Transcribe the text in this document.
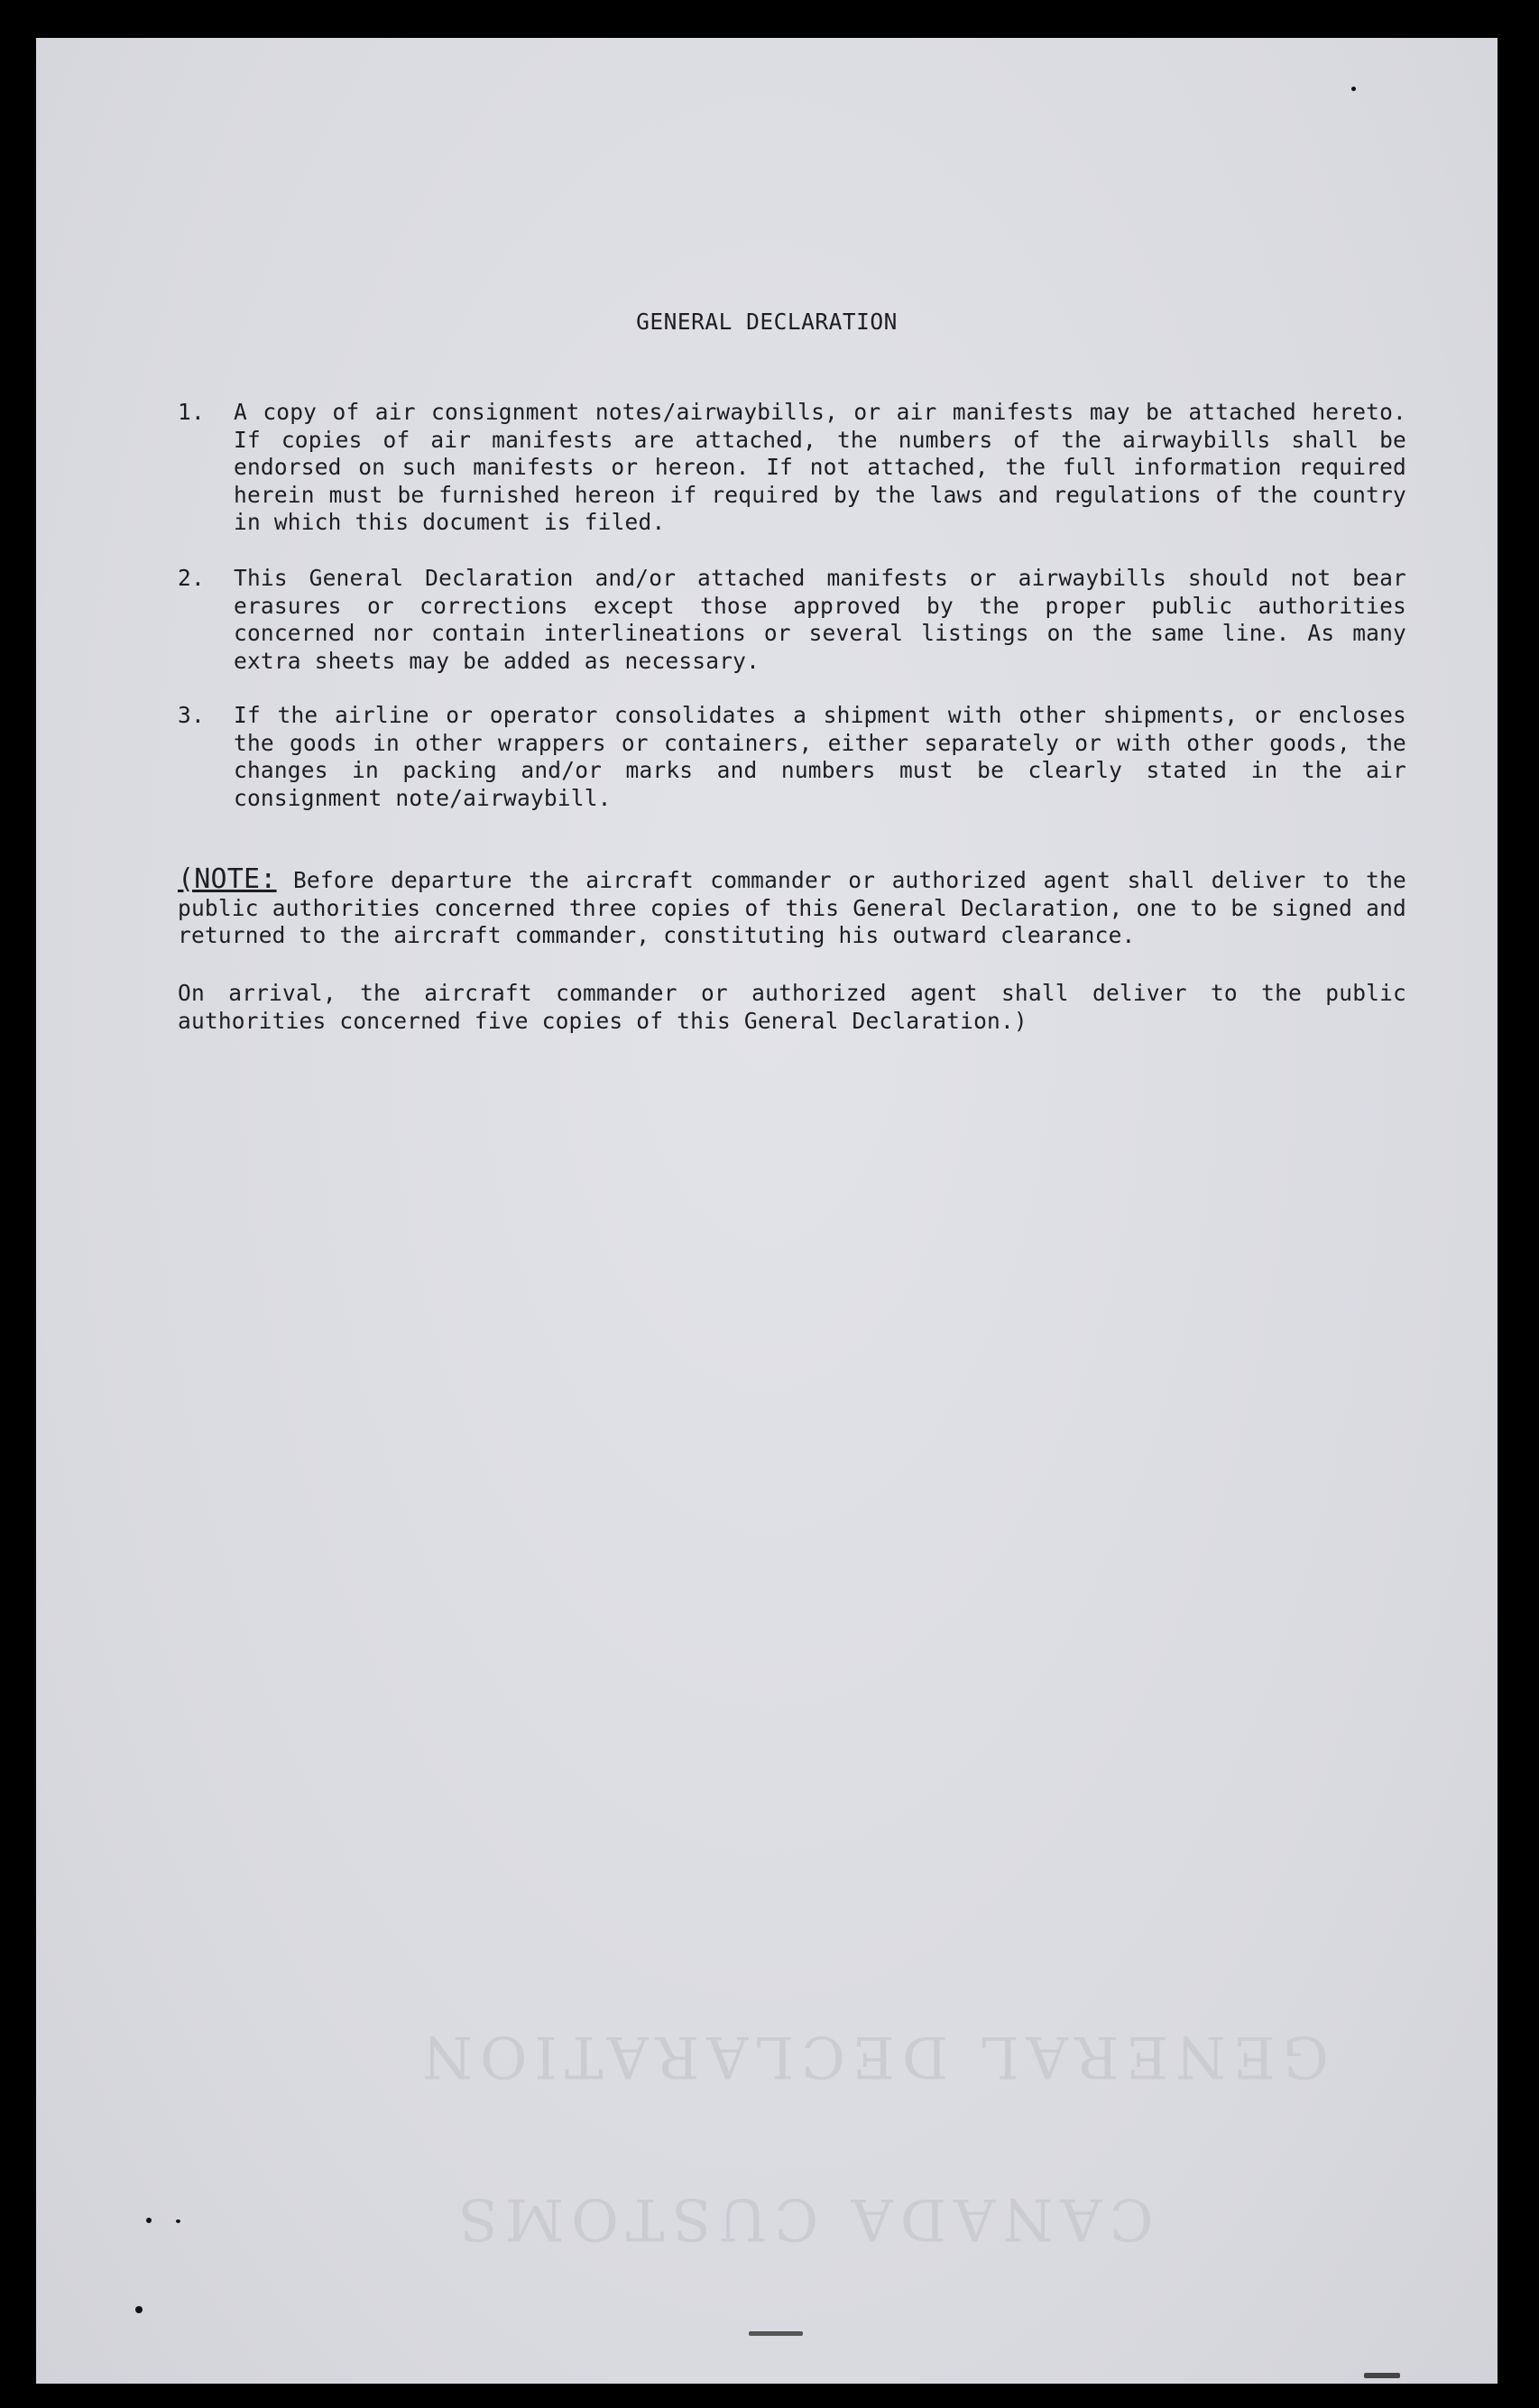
GENERAL DECLARATION
CANADA CUSTOMS
GENERAL DECLARATION
1. A copy of air consignment notes/airwaybills, or air manifests may be attached hereto. If copies of air manifests are attached, the numbers of the airwaybills shall be endorsed on such manifests or hereon. If not attached, the full information required herein must be furnished hereon if required by the laws and regulations of the country in which this document is filed.
2. This General Declaration and/or attached manifests or airwaybills should not bear erasures or corrections except those approved by the proper public authorities concerned nor contain interlineations or several listings on the same line. As many extra sheets may be added as necessary.
3. If the airline or operator consolidates a shipment with other shipments, or encloses the goods in other wrappers or containers, either separately or with other goods, the changes in packing and/or marks and numbers must be clearly stated in the air consignment note/airwaybill.
(NOTE: Before departure the aircraft commander or authorized agent shall deliver to the public authorities concerned three copies of this General Declaration, one to be signed and returned to the aircraft commander, constituting his outward clearance.
On arrival, the aircraft commander or authorized agent shall deliver to the public authorities concerned five copies of this General Declaration.)
